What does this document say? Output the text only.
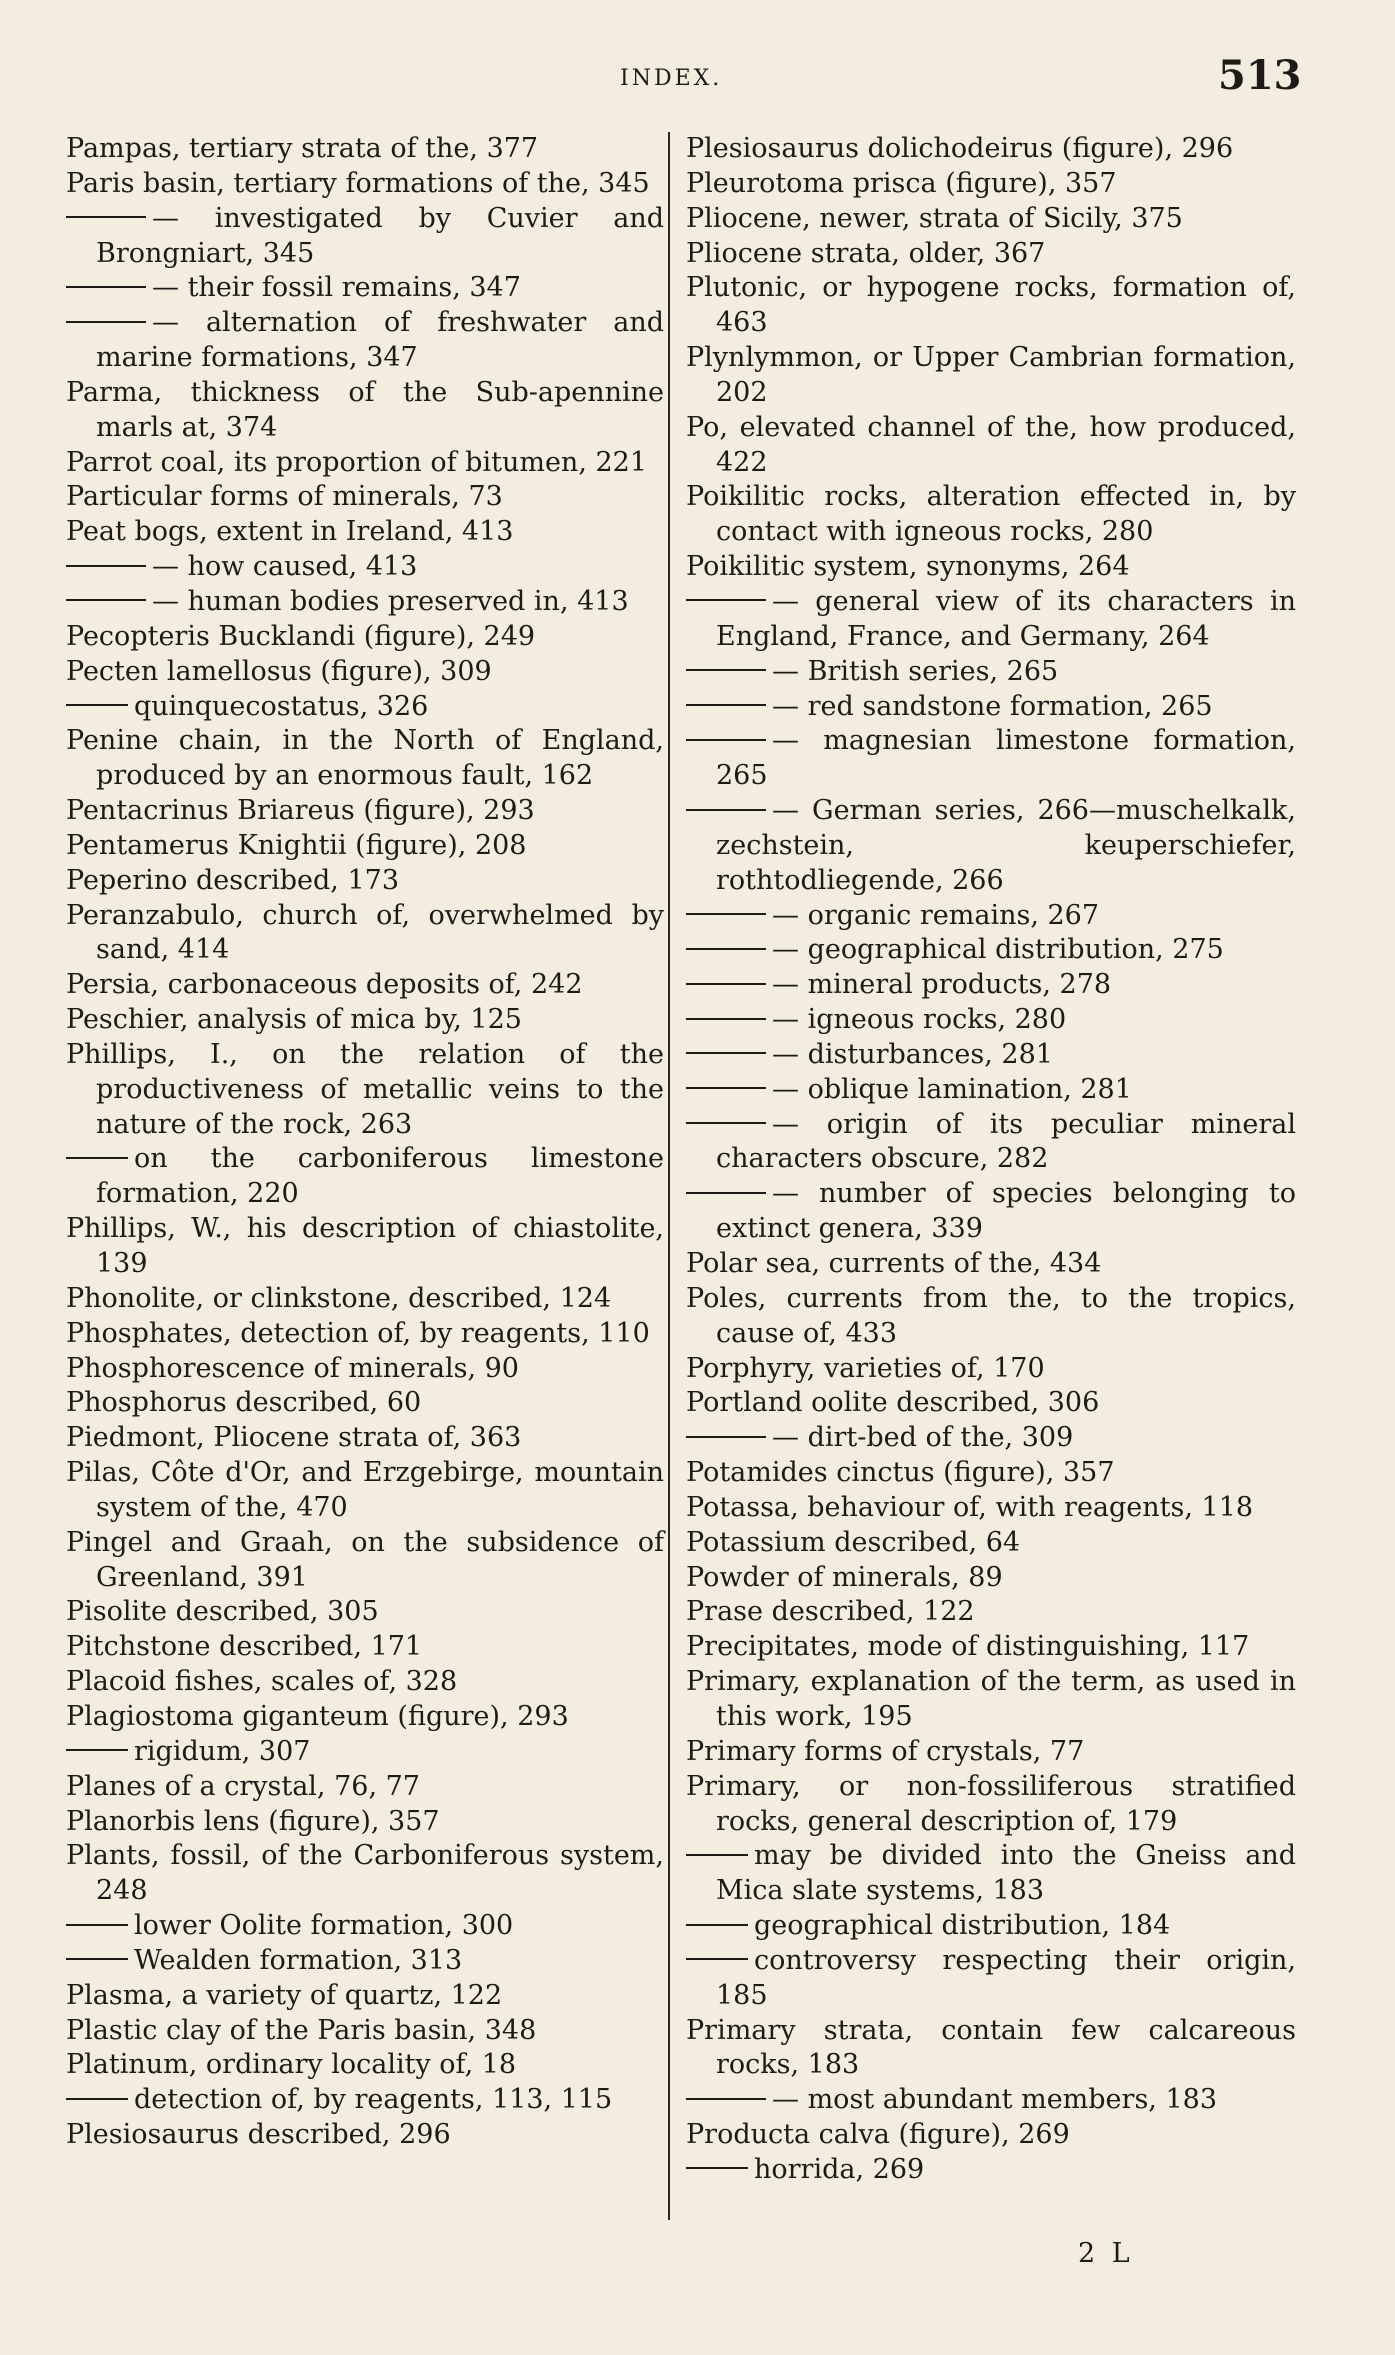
INDEX.	513
Pampas, tertiary strata of the, 377
Paris basin, tertiary formations of the, 345
— investigated by Cuvier and Brongniart, 345
— their fossil remains, 347
— alternation of freshwater and marine formations, 347
Parma, thickness of the Sub-apennine marls at, 374
Parrot coal, its proportion of bitumen, 221
Particular forms of minerals, 73
Peat bogs, extent in Ireland, 413
— how caused, 413
— human bodies preserved in, 413
Pecopteris Bucklandi (figure), 249
Pecten lamellosus (figure), 309
quinquecostatus, 326
Penine chain, in the North of England, produced by an enormous fault, 162
Pentacrinus Briareus (figure), 293
Pentamerus Knightii (figure), 208
Peperino described, 173
Peranzabulo, church of, overwhelmed by sand, 414
Persia, carbonaceous deposits of, 242
Peschier, analysis of mica by, 125
Phillips, I., on the relation of the productiveness of metallic veins to the nature of the rock, 263
on the carboniferous limestone formation, 220
Phillips, W., his description of chiastolite, 139
Phonolite, or clinkstone, described, 124
Phosphates, detection of, by reagents, 110
Phosphorescence of minerals, 90
Phosphorus described, 60
Piedmont, Pliocene strata of, 363
Pilas, Côte d'Or, and Erzgebirge, mountain system of the, 470
Pingel and Graah, on the subsidence of Greenland, 391
Pisolite described, 305
Pitchstone described, 171
Placoid fishes, scales of, 328
Plagiostoma giganteum (figure), 293
rigidum, 307
Planes of a crystal, 76, 77
Planorbis lens (figure), 357
Plants, fossil, of the Carboniferous system, 248
lower Oolite formation, 300
Wealden formation, 313
Plasma, a variety of quartz, 122
Plastic clay of the Paris basin, 348
Platinum, ordinary locality of, 18
detection of, by reagents, 113, 115
Plesiosaurus described, 296
Plesiosaurus dolichodeirus (figure), 296
Pleurotoma prisca (figure), 357
Pliocene, newer, strata of Sicily, 375
Pliocene strata, older, 367
Plutonic, or hypogene rocks, formation of, 463
Plynlymmon, or Upper Cambrian formation, 202
Po, elevated channel of the, how produced, 422
Poikilitic rocks, alteration effected in, by contact with igneous rocks, 280
Poikilitic system, synonyms, 264
— general view of its characters in England, France, and Germany, 264
— British series, 265
— red sandstone formation, 265
— magnesian limestone formation, 265
— German series, 266—muschelkalk, zechstein, keuperschiefer, rothtodliegende, 266
— organic remains, 267
— geographical distribution, 275
— mineral products, 278
— igneous rocks, 280
— disturbances, 281
— oblique lamination, 281
— origin of its peculiar mineral characters obscure, 282
— number of species belonging to extinct genera, 339
Polar sea, currents of the, 434
Poles, currents from the, to the tropics, cause of, 433
Porphyry, varieties of, 170
Portland oolite described, 306
— dirt-bed of the, 309
Potamides cinctus (figure), 357
Potassa, behaviour of, with reagents, 118
Potassium described, 64
Powder of minerals, 89
Prase described, 122
Precipitates, mode of distinguishing, 117
Primary, explanation of the term, as used in this work, 195
Primary forms of crystals, 77
Primary, or non-fossiliferous stratified rocks, general description of, 179
may be divided into the Gneiss and Mica slate systems, 183
geographical distribution, 184
controversy respecting their origin, 185
Primary strata, contain few calcareous rocks, 183
— most abundant members, 183
Producta calva (figure), 269
horrida, 269
2 L
